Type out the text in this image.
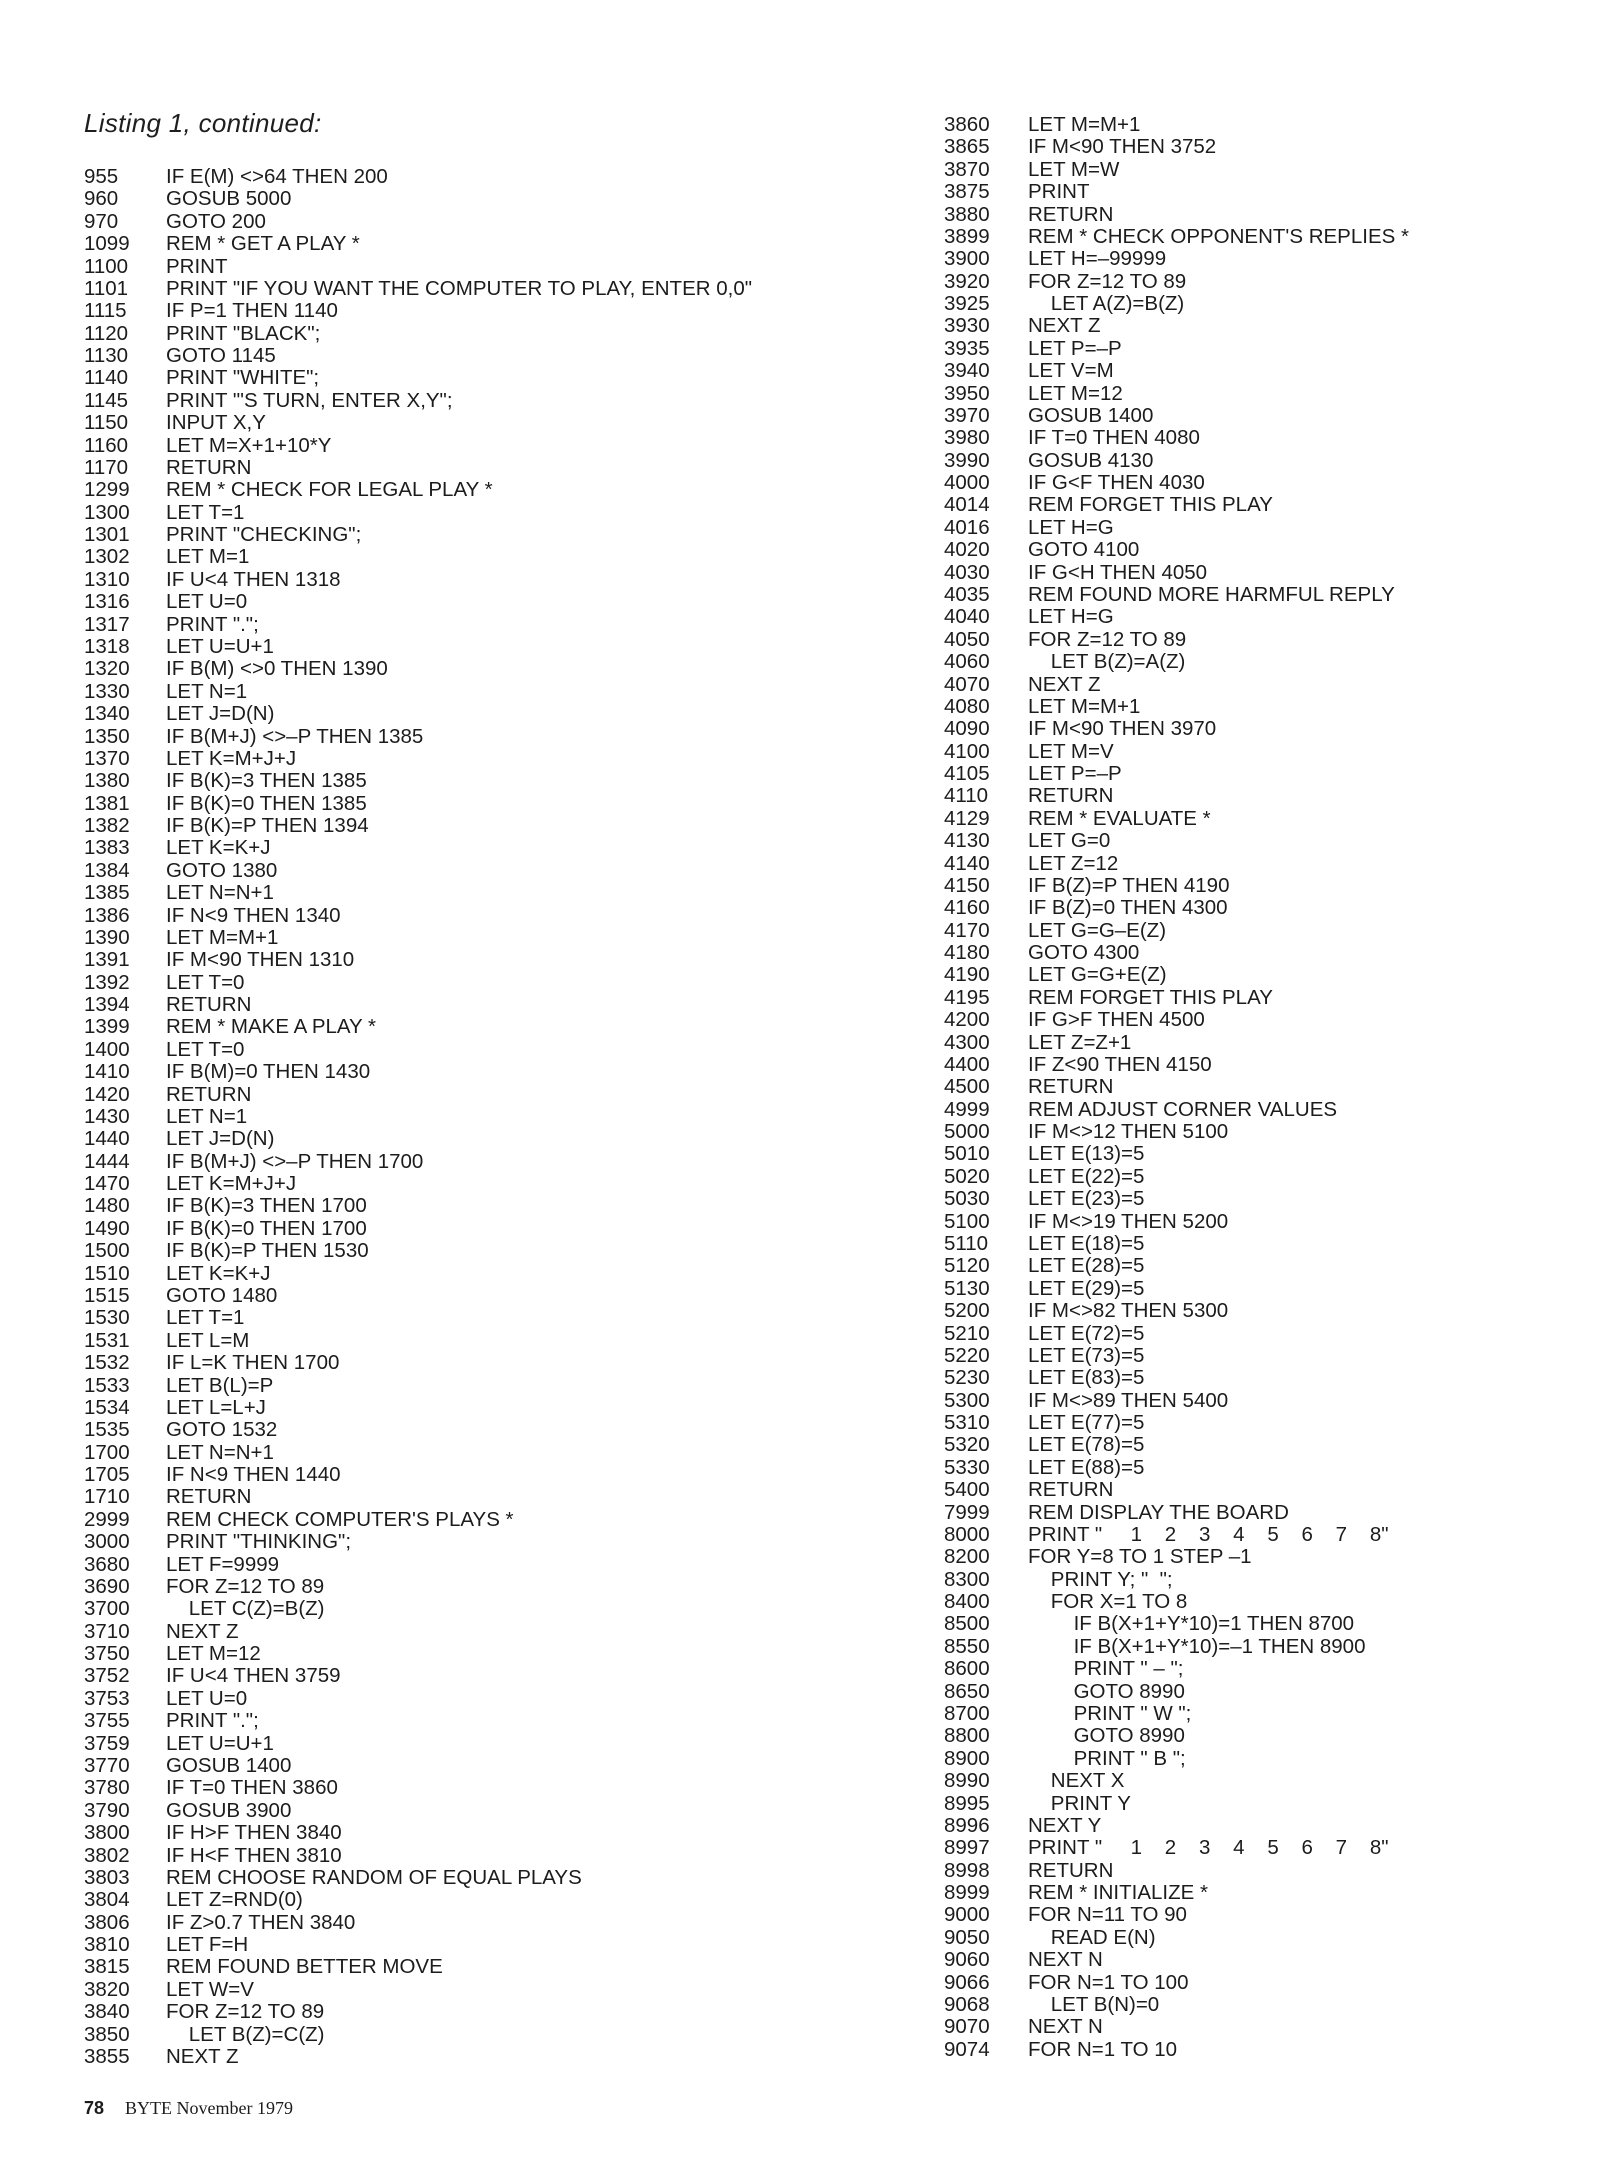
Listing 1, continued:
955	IF E(M) <>64 THEN 200
960	GOSUB 5000
970	GOTO 200
1099	REM * GET A PLAY *
1100	PRINT
1101	PRINT "IF YOU WANT THE COMPUTER TO PLAY, ENTER 0,0"
1115	IF P=1 THEN 1140
1120	PRINT "BLACK";
1130	GOTO 1145
1140	PRINT "WHITE";
1145	PRINT "'S TURN, ENTER X,Y";
1150	INPUT X,Y
1160	LET M=X+1+10*Y
1170	RETURN
1299	REM * CHECK FOR LEGAL PLAY *
1300	LET T=1
1301	PRINT "CHECKING";
1302	LET M=1
1310	IF U<4 THEN 1318
1316	LET U=0
1317	PRINT ".";
1318	LET U=U+1
1320	IF B(M) <>0 THEN 1390
1330	LET N=1
1340	LET J=D(N)
1350	IF B(M+J) <>–P THEN 1385
1370	LET K=M+J+J
1380	IF B(K)=3 THEN 1385
1381	IF B(K)=0 THEN 1385
1382	IF B(K)=P THEN 1394
1383	LET K=K+J
1384	GOTO 1380
1385	LET N=N+1
1386	IF N<9 THEN 1340
1390	LET M=M+1
1391	IF M<90 THEN 1310
1392	LET T=0
1394	RETURN
1399	REM * MAKE A PLAY *
1400	LET T=0
1410	IF B(M)=0 THEN 1430
1420	RETURN
1430	LET N=1
1440	LET J=D(N)
1444	IF B(M+J) <>–P THEN 1700
1470	LET K=M+J+J
1480	IF B(K)=3 THEN 1700
1490	IF B(K)=0 THEN 1700
1500	IF B(K)=P THEN 1530
1510	LET K=K+J
1515	GOTO 1480
1530	LET T=1
1531	LET L=M
1532	IF L=K THEN 1700
1533	LET B(L)=P
1534	LET L=L+J
1535	GOTO 1532
1700	LET N=N+1
1705	IF N<9 THEN 1440
1710	RETURN
2999	REM CHECK COMPUTER'S PLAYS *
3000	PRINT "THINKING";
3680	LET F=9999
3690	FOR Z=12 TO 89
3700	LET C(Z)=B(Z)
3710	NEXT Z
3750	LET M=12
3752	IF U<4 THEN 3759
3753	LET U=0
3755	PRINT ".";
3759	LET U=U+1
3770	GOSUB 1400
3780	IF T=0 THEN 3860
3790	GOSUB 3900
3800	IF H>F THEN 3840
3802	IF H<F THEN 3810
3803	REM CHOOSE RANDOM OF EQUAL PLAYS
3804	LET Z=RND(0)
3806	IF Z>0.7 THEN 3840
3810	LET F=H
3815	REM FOUND BETTER MOVE
3820	LET W=V
3840	FOR Z=12 TO 89
3850	LET B(Z)=C(Z)
3855	NEXT Z
3860	LET M=M+1
3865	IF M<90 THEN 3752
3870	LET M=W
3875	PRINT
3880	RETURN
3899	REM * CHECK OPPONENT'S REPLIES *
3900	LET H=–99999
3920	FOR Z=12 TO 89
3925	LET A(Z)=B(Z)
3930	NEXT Z
3935	LET P=–P
3940	LET V=M
3950	LET M=12
3970	GOSUB 1400
3980	IF T=0 THEN 4080
3990	GOSUB 4130
4000	IF G<F THEN 4030
4014	REM FORGET THIS PLAY
4016	LET H=G
4020	GOTO 4100
4030	IF G<H THEN 4050
4035	REM FOUND MORE HARMFUL REPLY
4040	LET H=G
4050	FOR Z=12 TO 89
4060	LET B(Z)=A(Z)
4070	NEXT Z
4080	LET M=M+1
4090	IF M<90 THEN 3970
4100	LET M=V
4105	LET P=–P
4110	RETURN
4129	REM * EVALUATE *
4130	LET G=0
4140	LET Z=12
4150	IF B(Z)=P THEN 4190
4160	IF B(Z)=0 THEN 4300
4170	LET G=G–E(Z)
4180	GOTO 4300
4190	LET G=G+E(Z)
4195	REM FORGET THIS PLAY
4200	IF G>F THEN 4500
4300	LET Z=Z+1
4400	IF Z<90 THEN 4150
4500	RETURN
4999	REM ADJUST CORNER VALUES
5000	IF M<>12 THEN 5100
5010	LET E(13)=5
5020	LET E(22)=5
5030	LET E(23)=5
5100	IF M<>19 THEN 5200
5110	LET E(18)=5
5120	LET E(28)=5
5130	LET E(29)=5
5200	IF M<>82 THEN 5300
5210	LET E(72)=5
5220	LET E(73)=5
5230	LET E(83)=5
5300	IF M<>89 THEN 5400
5310	LET E(77)=5
5320	LET E(78)=5
5330	LET E(88)=5
5400	RETURN
7999	REM DISPLAY THE BOARD
8000	PRINT "     1    2    3    4    5    6    7    8"
8200	FOR Y=8 TO 1 STEP –1
8300	PRINT Y; "  ";
8400	FOR X=1 TO 8
8500	IF B(X+1+Y*10)=1 THEN 8700
8550	IF B(X+1+Y*10)=–1 THEN 8900
8600	PRINT " – ";
8650	GOTO 8990
8700	PRINT " W ";
8800	GOTO 8990
8900	PRINT " B ";
8990	NEXT X
8995	PRINT Y
8996	NEXT Y
8997	PRINT "     1    2    3    4    5    6    7    8"
8998	RETURN
8999	REM * INITIALIZE *
9000	FOR N=11 TO 90
9050	READ E(N)
9060	NEXT N
9066	FOR N=1 TO 100
9068	LET B(N)=0
9070	NEXT N
9074	FOR N=1 TO 10
78 BYTE November 1979
